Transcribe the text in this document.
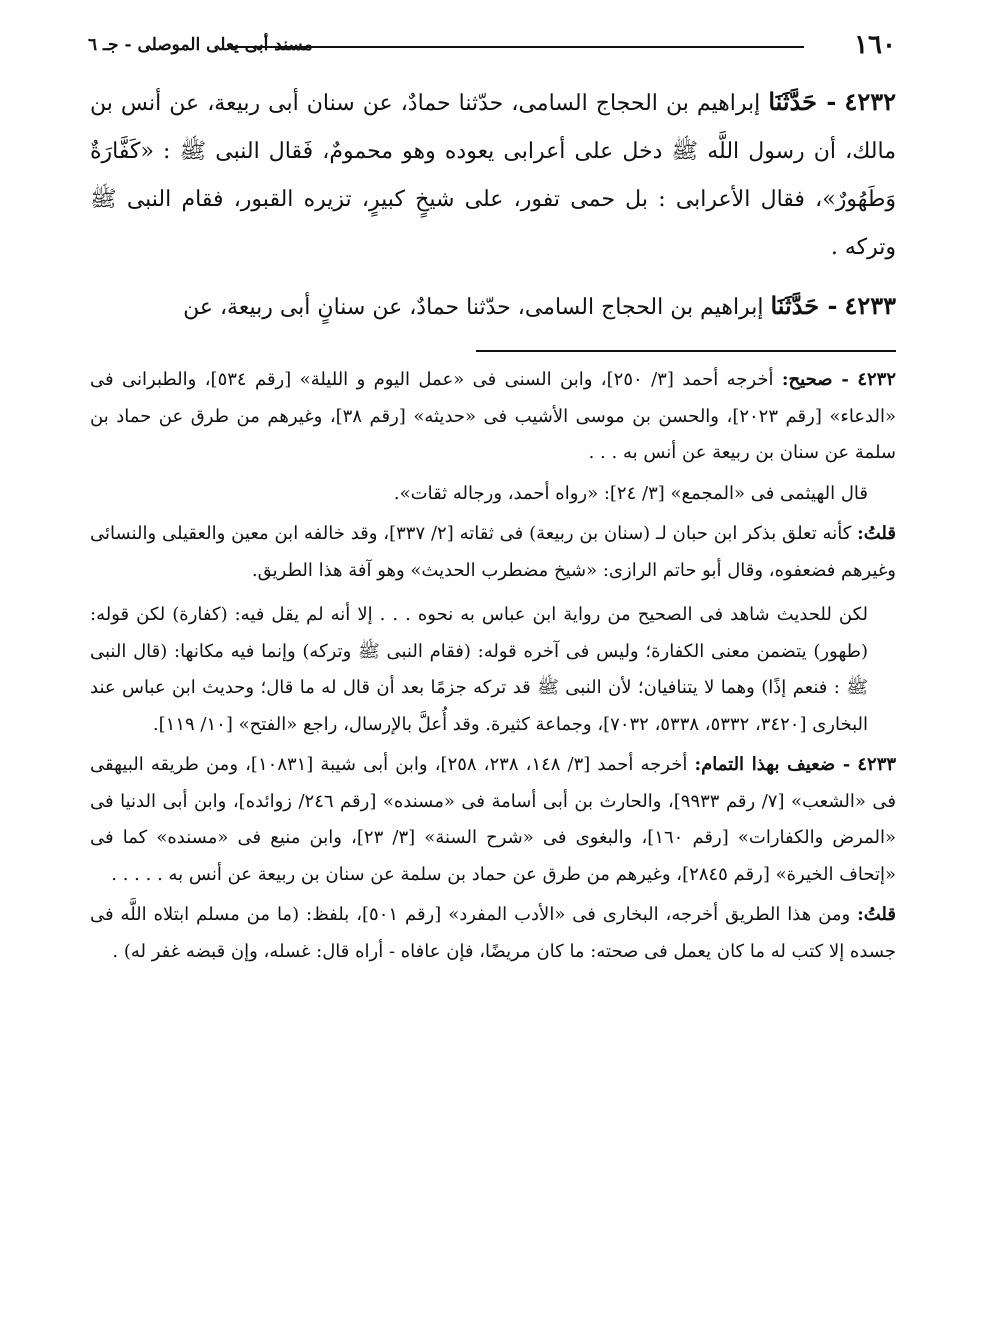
١٦٠
مسند أبى يعلى الموصلى - جـ ٦

٤٢٣٢ - حَدَّثَنَا إبراهيم بن الحجاج السامى، حدّثنا حمادٌ، عن سنان أبى ربيعة، عن أنس بن مالك، أن رسول اللَّه ﷺ دخل على أعرابى يعوده وهو محمومٌ، فَقال النبى ﷺ : «كَفَّارَةٌ وَطَهُورٌ»، فقال الأعرابى : بل حمى تفور، على شيخٍ كبيرٍ، تزيره القبور، فقام النبى ﷺ وتركه .

٤٢٣٣ - حَدَّثَنَا إبراهيم بن الحجاج السامى، حدّثنا حمادٌ، عن سنانٍ أبى ربيعة، عن

٤٢٣٢ - صحيح: أخرجه أحمد [٣/ ٢٥٠]، وابن السنى فى «عمل اليوم و الليلة» [رقم ٥٣٤]، والطبرانى فى «الدعاء» [رقم ٢٠٢٣]، والحسن بن موسى الأشيب فى «حديثه» [رقم ٣٨]، وغيرهم من طرق عن حماد بن سلمة عن سنان بن ربيعة عن أنس به . . .

قال الهيثمى فى «المجمع» [٣/ ٢٤]: «رواه أحمد، ورجاله ثقات».

قلتُ: كأنه تعلق بذكر ابن حبان لـ (سنان بن ربيعة) فى ثقاته [٢/ ٣٣٧]، وقد خالفه ابن معين والعقيلى والنسائى وغيرهم فضعفوه، وقال أبو حاتم الرازى: «شيخ مضطرب الحديث» وهو آفة هذا الطريق.

لكن للحديث شاهد فى الصحيح من رواية ابن عباس به نحوه . . . إلا أنه لم يقل فيه: (كفارة) لكن قوله: (طهور) يتضمن معنى الكفارة؛ وليس فى آخره قوله: (فقام النبى ﷺ وتركه) وإنما فيه مكانها: (قال النبى ﷺ : فنعم إذًا) وهما لا يتنافيان؛ لأن النبى ﷺ قد تركه جزمًا بعد أن قال له ما قال؛ وحديث ابن عباس عند البخارى [٣٤٢٠، ٥٣٣٢، ٥٣٣٨، ٧٠٣٢]، وجماعة كثيرة. وقد أُعلَّ بالإرسال، راجع «الفتح» [١٠/ ١١٩].

٤٢٣٣ - ضعيف بهذا التمام: أخرجه أحمد [٣/ ١٤٨، ٢٣٨، ٢٥٨]، وابن أبى شيبة [١٠٨٣١]، ومن طريقه البيهقى فى «الشعب» [٧/ رقم ٩٩٣٣]، والحارث بن أبى أسامة فى «مسنده» [رقم ٢٤٦/ زوائده]، وابن أبى الدنيا فى «المرض والكفارات» [رقم ١٦٠]، والبغوى فى «شرح السنة» [٣/ ٢٣]، وابن منيع فى «مسنده» كما فى «إتحاف الخيرة» [رقم ٢٨٤٥]، وغيرهم من طرق عن حماد بن سلمة عن سنان بن ربيعة عن أنس به . . . . .

قلتُ: ومن هذا الطريق أخرجه، البخارى فى «الأدب المفرد» [رقم ٥٠١]، بلفظ: (ما من مسلم ابتلاه اللَّه فى جسده إلا كتب له ما كان يعمل فى صحته: ما كان مريضًا، فإن عافاه - أراه قال: غسله، وإن قبضه غفر له) .
